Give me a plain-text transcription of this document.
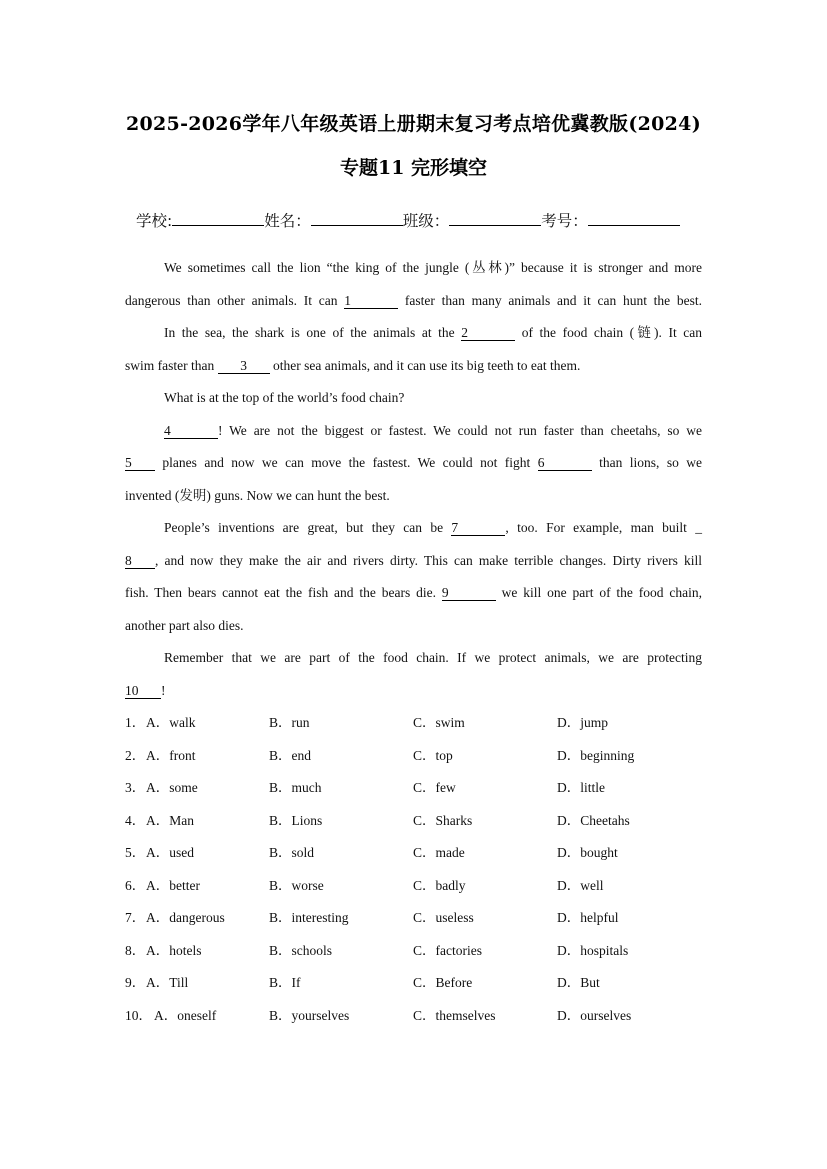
2025-2026学年八年级英语上册期末复习考点培优冀教版(2024)
专题11 完形填空
学校:	姓名：	班级：	考号：
We sometimes call the lion “the king of the jungle (丛林)” because it is stronger and more
dangerous than other animals. It can 1	faster than many animals and it can hunt the best.
In the sea, the shark is one of the animals at the 2	of the food chain (链). It can
swim faster than 3 other sea animals, and it can use its big teeth to eat them.
What is at the top of the world’s food chain?
4	! We are not the biggest or fastest. We could not run faster than cheetahs, so we
5 planes and now we can move the fastest. We could not fight 6	than lions, so we
invented (发明) guns. Now we can hunt the best.
People’s inventions are great, but they can be 7	, too. For example, man built _
8 , and now they make the air and rivers dirty. This can make terrible changes. Dirty rivers kill
fish. Then bears cannot eat the fish and the bears die. 9	we kill one part of the food chain,
another part also dies.
Remember that we are part of the food chain. If we protect animals, we are protecting
10 !
1． A．walk	B．run	C．swim	D．jump
2． A．front	B．end	C．top	D．beginning
3． A．some	B．much	C．few	D．little
4． A．Man	B．Lions	C．Sharks	D．Cheetahs
5． A．used	B．sold	C．made	D．bought
6． A．better	B．worse	C．badly	D．well
7． A．dangerous	B．interesting	C．useless	D．helpful
8． A．hotels	B．schools	C．factories	D．hospitals
9． A．Till	B．If	C．Before	D．But
10． A．oneself	B．yourselves	C．themselves	D．ourselves
